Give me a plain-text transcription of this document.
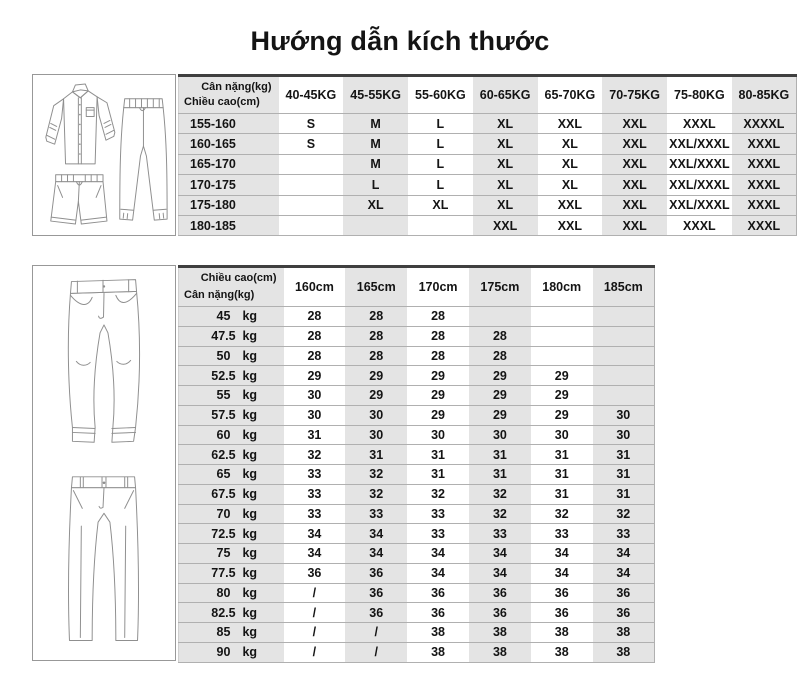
Hướng dẫn kích thước
Cân nặng(kg)
Chiều cao(cm)	40-45KG	45-55KG	55-60KG	60-65KG	65-70KG	70-75KG	75-80KG	80-85KG
155-160	S	M	L	XL	XXL	XXL	XXXL	XXXXL
160-165	S	M	L	XL	XL	XXL	XXL/XXXL	XXXL
165-170		M	L	XL	XL	XXL	XXL/XXXL	XXXL
170-175		L	L	XL	XL	XXL	XXL/XXXL	XXXL
175-180		XL	XL	XL	XXL	XXL	XXL/XXXL	XXXL
180-185				XXL	XXL	XXL	XXXL	XXXL
Chiều cao(cm)
Cân nặng(kg)	160cm	165cm	170cm	175cm	180cm	185cm
45 kg	28	28	28			
47.5 kg	28	28	28	28		
50 kg	28	28	28	28		
52.5 kg	29	29	29	29	29	
55 kg	30	29	29	29	29	
57.5 kg	30	30	29	29	29	30
60 kg	31	30	30	30	30	30
62.5 kg	32	31	31	31	31	31
65 kg	33	32	31	31	31	31
67.5 kg	33	32	32	32	31	31
70 kg	33	33	33	32	32	32
72.5 kg	34	34	33	33	33	33
75 kg	34	34	34	34	34	34
77.5 kg	36	36	34	34	34	34
80 kg	/	36	36	36	36	36
82.5 kg	/	36	36	36	36	36
85 kg	/	/	38	38	38	38
90 kg	/	/	38	38	38	38
